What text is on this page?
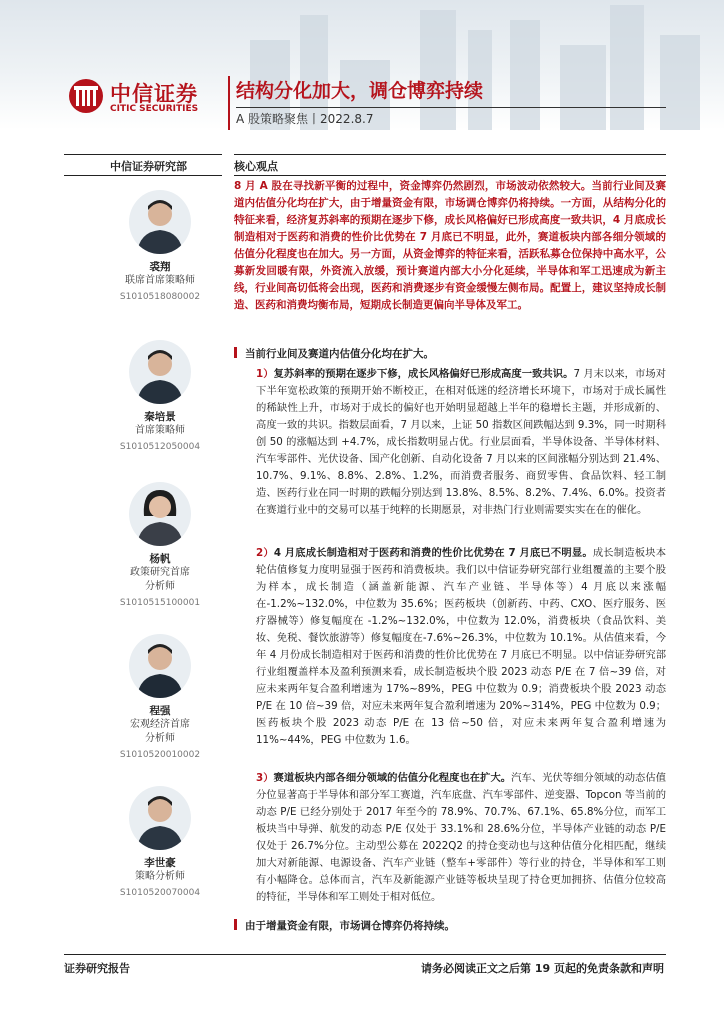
中信证券
CITIC SECURITIES
结构分化加大，调仓博弈持续
A 股策略聚焦丨2022.8.7
中信证券研究部	核心观点
裘翔
联席首席策略师
S1010518080002
秦培景
首席策略师
S1010512050004
杨帆
政策研究首席
分析师
S1010515100001
程强
宏观经济首席
分析师
S1010520010002
李世豪
策略分析师
S1010520070004
8 月 A 股在寻找新平衡的过程中，资金博弈仍然剧烈，市场波动依然较大。当前行业间及赛道内估值分化均在扩大，由于增量资金有限，市场调仓博弈仍将持续。一方面，从结构分化的特征来看，经济复苏斜率的预期在逐步下修，成长风格偏好已形成高度一致共识，4 月底成长制造相对于医药和消费的性价比优势在 7 月底已不明显，此外，赛道板块内部各细分领域的估值分化程度也在加大。另一方面，从资金博弈的特征来看，活跃私募仓位保持中高水平，公募新发回暖有限，外资流入放缓，预计赛道内部大小分化延续，半导体和军工迅速成为新主线，行业间高切低将会出现，医药和消费逐步有资金缓慢左侧布局。配置上，建议坚持成长制造、医药和消费均衡布局，短期成长制造更偏向半导体及军工。
当前行业间及赛道内估值分化均在扩大。
1）复苏斜率的预期在逐步下修，成长风格偏好已形成高度一致共识。7 月末以来，市场对下半年宽松政策的预期开始不断校正，在相对低迷的经济增长环境下，市场对于成长属性的稀缺性上升，市场对于成长的偏好也开始明显超越上半年的稳增长主题，并形成新的、高度一致的共识。指数层面看，7 月以来，上证 50 指数区间跌幅达到 9.3%，同一时期科创 50 的涨幅达到 +4.7%，成长指数明显占优。行业层面看，半导体设备、半导体材料、汽车零部件、光伏设备、国产化创新、自动化设备 7 月以来的区间涨幅分别达到 21.4%、10.7%、9.1%、8.8%、2.8%、1.2%，而消费者服务、商贸零售、食品饮料、轻工制造、医药行业在同一时期的跌幅分别达到 13.8%、8.5%、8.2%、7.4%、6.0%。投资者在赛道行业中的交易可以基于纯粹的长期愿景，对非热门行业则需要实实在在的催化。
2）4 月底成长制造相对于医药和消费的性价比优势在 7 月底已不明显。成长制造板块本轮估值修复力度明显强于医药和消费板块。我们以中信证券研究部行业组覆盖的主要个股为样本，成长制造（涵盖新能源、汽车产业链、半导体等）4 月底以来涨幅在-1.2%~132.0%，中位数为 35.6%；医药板块（创新药、中药、CXO、医疗服务、医疗器械等）修复幅度在 -1.2%~132.0%，中位数为 12.0%，消费板块（食品饮料、美妆、免税、餐饮旅游等）修复幅度在-7.6%~26.3%，中位数为 10.1%。从估值来看，今年 4 月份成长制造相对于医药和消费的性价比优势在 7 月底已不明显。以中信证券研究部行业组覆盖样本及盈利预测来看，成长制造板块个股 2023 动态 P/E 在 7 倍~39 倍，对应未来两年复合盈利增速为 17%~89%，PEG 中位数为 0.9；消费板块个股 2023 动态 P/E 在 10 倍~39 倍，对应未来两年复合盈利增速为 20%~314%，PEG 中位数为 0.9；医药板块个股 2023 动态 P/E 在 13 倍~50 倍，对应未来两年复合盈利增速为 11%~44%，PEG 中位数为 1.6。
3）赛道板块内部各细分领域的估值分化程度也在扩大。汽车、光伏等细分领域的动态估值分位显著高于半导体和部分军工赛道，汽车底盘、汽车零部件、逆变器、Topcon 等当前的动态 P/E 已经分别处于 2017 年至今的 78.9%、70.7%、67.1%、65.8%分位，而军工板块当中导弹、航发的动态 P/E 仅处于 33.1%和 28.6%分位，半导体产业链的动态 P/E 仅处于 26.7%分位。主动型公募在 2022Q2 的持仓变动也与这种估值分化相匹配，继续加大对新能源、电源设备、汽车产业链（整车+零部件）等行业的持仓，半导体和军工则有小幅降仓。总体而言，汽车及新能源产业链等板块呈现了持仓更加拥挤、估值分位较高的特征，半导体和军工则处于相对低位。
由于增量资金有限，市场调仓博弈仍将持续。
证券研究报告	请务必阅读正文之后第 19 页起的免责条款和声明
